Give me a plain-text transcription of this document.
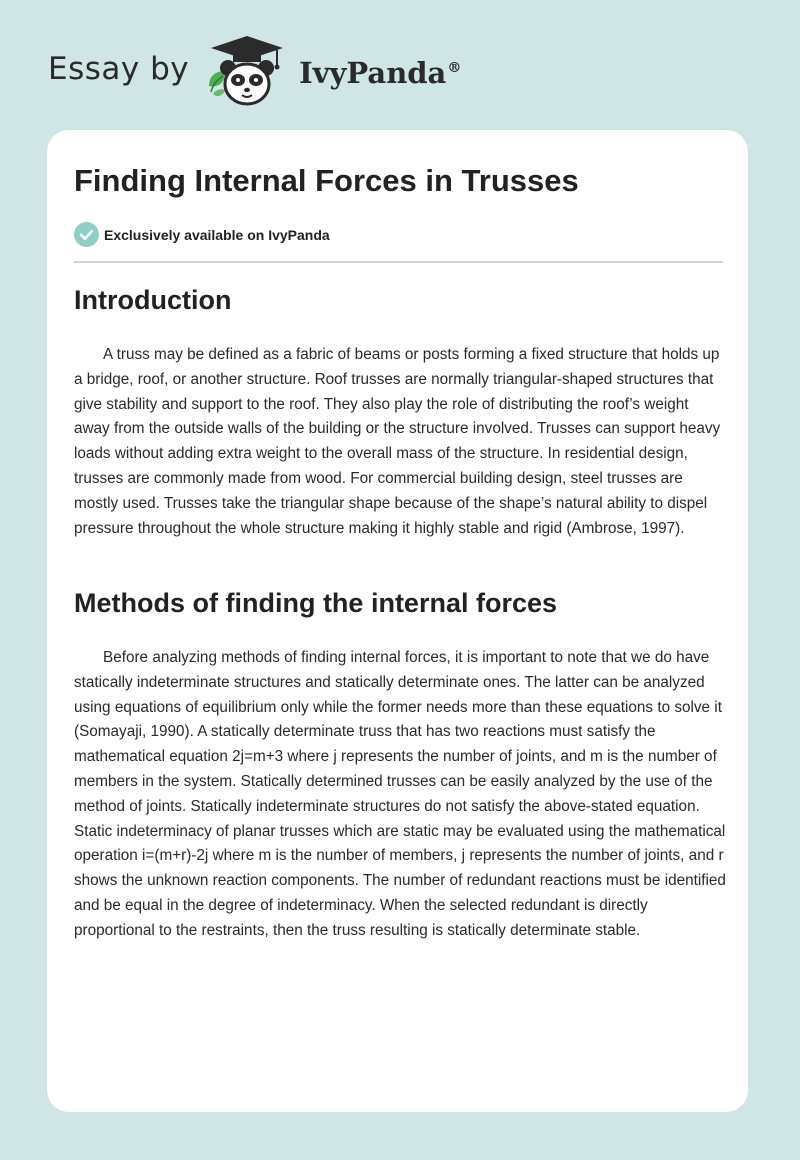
Essay by	IvyPanda®
Finding Internal Forces in Trusses
Exclusively available on IvyPanda
Introduction

A truss may be defined as a fabric of beams or posts forming a fixed structure that holds up a bridge, roof, or another structure. Roof trusses are normally triangular-shaped structures that give stability and support to the roof. They also play the role of distributing the roof’s weight away from the outside walls of the building or the structure involved. Trusses can support heavy loads without adding extra weight to the overall mass of the structure. In residential design, trusses are commonly made from wood. For commercial building design, steel trusses are mostly used. Trusses take the triangular shape because of the shape’s natural ability to dispel pressure throughout the whole structure making it highly stable and rigid (Ambrose, 1997).

Methods of finding the internal forces

Before analyzing methods of finding internal forces, it is important to note that we do have statically indeterminate structures and statically determinate ones. The latter can be analyzed using equations of equilibrium only while the former needs more than these equations to solve it (Somayaji, 1990). A statically determinate truss that has two reactions must satisfy the mathematical equation 2j=m+3 where j represents the number of joints, and m is the number of members in the system. Statically determined trusses can be easily analyzed by the use of the method of joints. Statically indeterminate structures do not satisfy the above-stated equation. Static indeterminacy of planar trusses which are static may be evaluated using the mathematical operation i=(m+r)-2j where m is the number of members, j represents the number of joints, and r shows the unknown reaction components. The number of redundant reactions must be identified and be equal in the degree of indeterminacy. When the selected redundant is directly proportional to the restraints, then the truss resulting is statically determinate stable.
